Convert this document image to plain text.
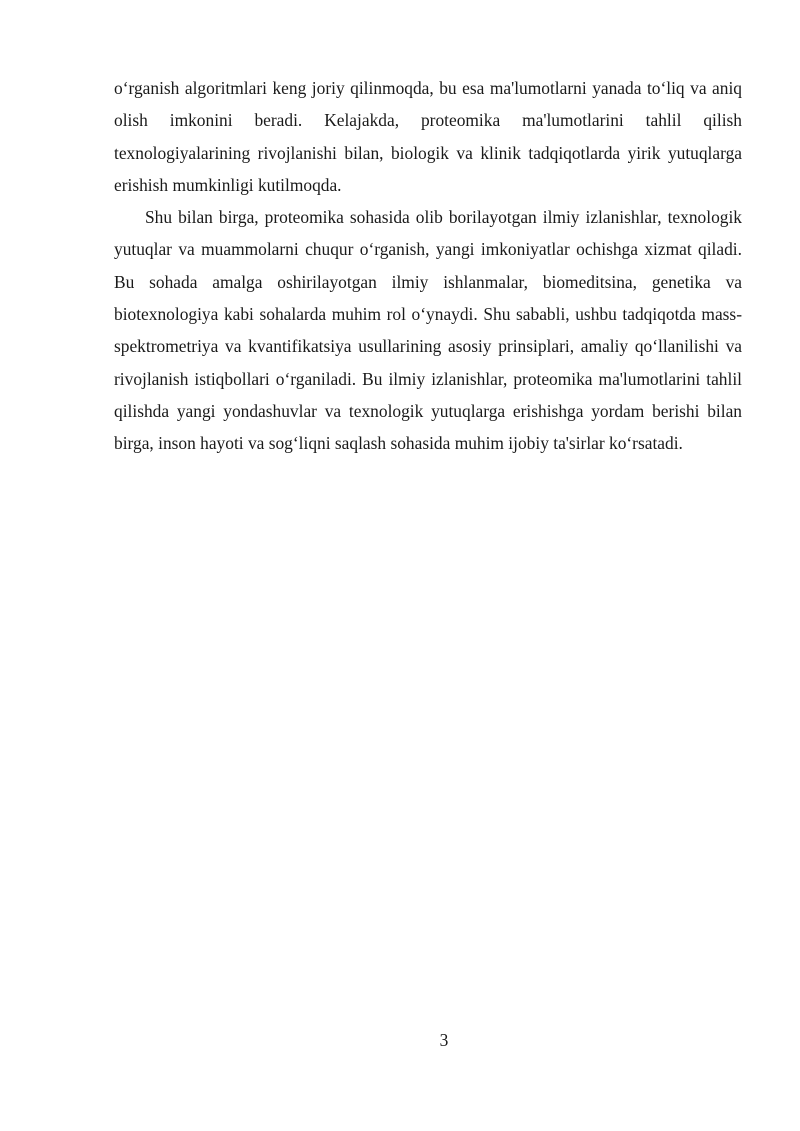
oʻrganish algoritmlari keng joriy qilinmoqda, bu esa ma'lumotlarni yanada toʻliq va aniq olish imkonini beradi. Kelajakda, proteomika ma'lumotlarini tahlil qilish texnologiyalarining rivojlanishi bilan, biologik va klinik tadqiqotlarda yirik yutuqlarga erishish mumkinligi kutilmoqda.

Shu bilan birga, proteomika sohasida olib borilayotgan ilmiy izlanishlar, texnologik yutuqlar va muammolarni chuqur oʻrganish, yangi imkoniyatlar ochishga xizmat qiladi. Bu sohada amalga oshirilayotgan ilmiy ishlanmalar, biomeditsina, genetika va biotexnologiya kabi sohalarda muhim rol oʻynaydi. Shu sababli, ushbu tadqiqotda mass-spektrometriya va kvantifikatsiya usullarining asosiy prinsiplari, amaliy qoʻllanilishi va rivojlanish istiqbollari oʻrganiladi. Bu ilmiy izlanishlar, proteomika ma'lumotlarini tahlil qilishda yangi yondashuvlar va texnologik yutuqlarga erishishga yordam berishi bilan birga, inson hayoti va sogʻliqni saqlash sohasida muhim ijobiy ta'sirlar koʻrsatadi.

3
